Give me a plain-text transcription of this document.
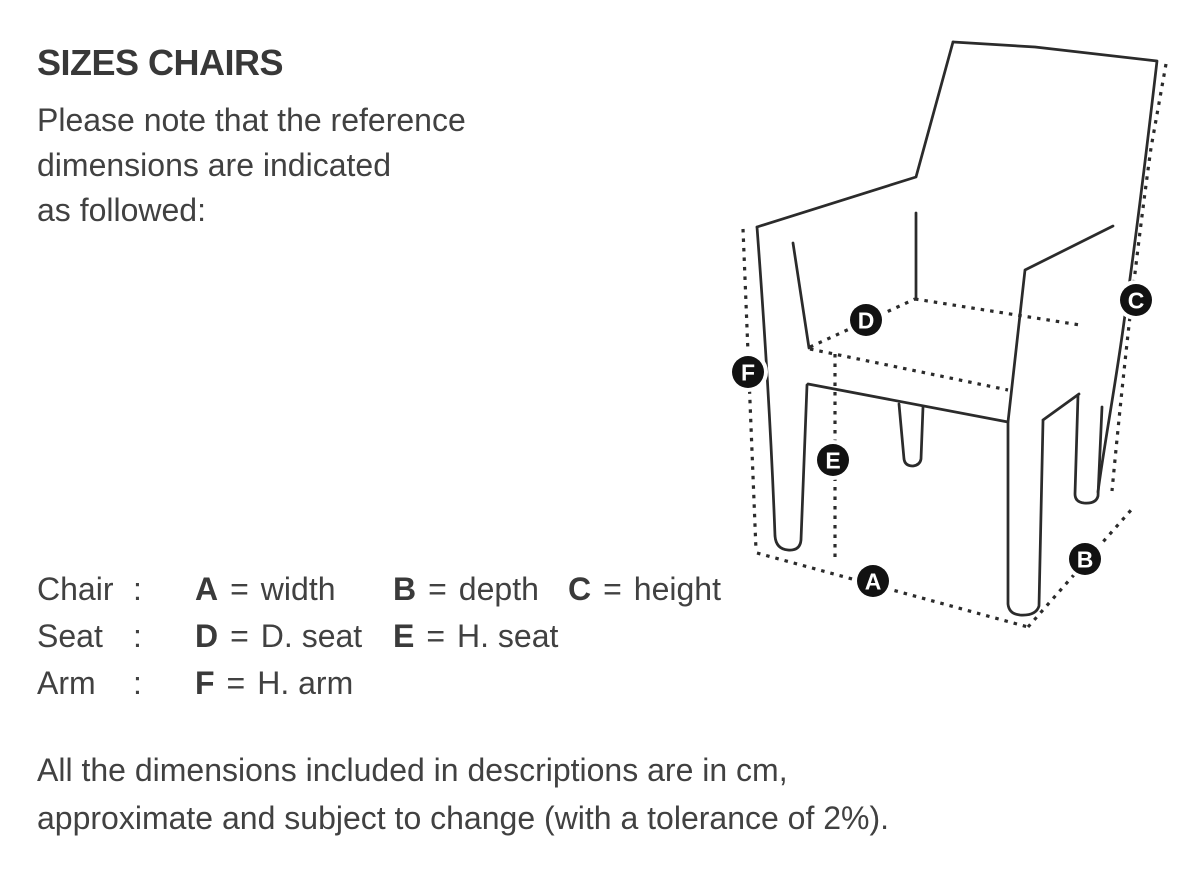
SIZES CHAIRS

Please note that the reference
dimensions are indicated
as followed:

Chair :	A = width B = depth C = height
Seat :	D = D. seat E = H. seat
Arm	:	F = H. arm

All the dimensions included in descriptions are in cm,
approximate and subject to change (with a tolerance of 2%).

A
B
C
D
E
F
